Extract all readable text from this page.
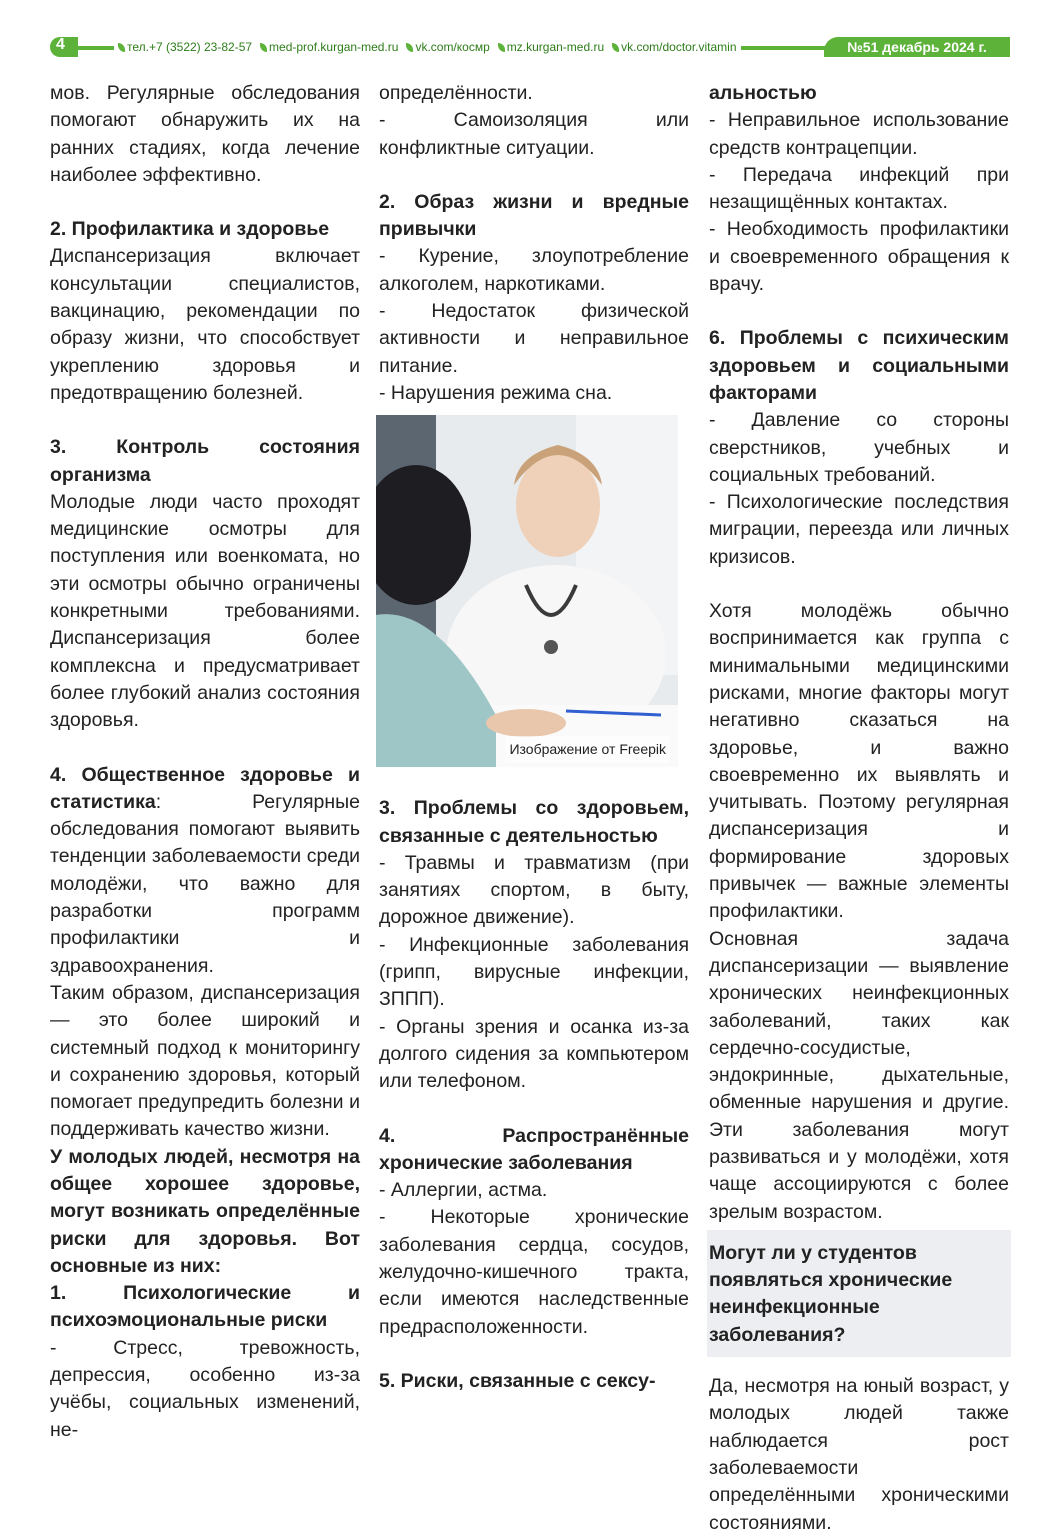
4	тел.+7 (3522) 23-82-57	med-prof.kurgan-med.ru	vk.com/космр	mz.kurgan-med.ru	vk.com/doctor.vitamin	№51 декабрь 2024 г.

мов. Регулярные обследования помогают обнаружить их на ранних стадиях, когда лечение наиболее эффективно.

2. Профилактика и здоровье

Диспансеризация включает консультации специалистов, вакцинацию, рекомендации по образу жизни, что способствует укреплению здоровья и предотвращению болезней.

3. Контроль состояния организма

Молодые люди часто проходят медицинские осмотры для поступления или военкомата, но эти осмотры обычно ограничены конкретными требованиями. Диспансеризация более комплексна и предусматривает более глубокий анализ состояния здоровья.

4. Общественное здоровье и статистика: Регулярные обследования помогают выявить тенденции заболеваемости среди молодёжи, что важно для разработки программ профилактики и здравоохранения.

Таким образом, диспансеризация — это более широкий и системный подход к мониторингу и сохранению здоровья, который помогает предупредить болезни и поддерживать качество жизни.

У молодых людей, несмотря на общее хорошее здоровье, могут возникать определённые риски для здоровья. Вот основные из них:

1. Психологические и психоэмоциональные риски

- Стресс, тревожность, депрессия, особенно из-за учёбы, социальных изменений, не-

определённости.

- Самоизоляция или конфликтные ситуации.

2. Образ жизни и вредные привычки

- Курение, злоупотребление алкоголем, наркотиками.

- Недостаток физической активности и неправильное питание.

- Нарушения режима сна.

Изображение от Freepik

3. Проблемы со здоровьем, связанные с деятельностью

- Травмы и травматизм (при занятиях спортом, в быту, дорожное движение).

- Инфекционные заболевания (грипп, вирусные инфекции, ЗППП).

- Органы зрения и осанка из-за долгого сидения за компьютером или телефоном.

4. Распространённые хронические заболевания

- Аллергии, астма.

- Некоторые хронические заболевания сердца, сосудов, желудочно-кишечного тракта, если имеются наследственные предрасположенности.

5. Риски, связанные с сексу-

альностью

- Неправильное использование средств контрацепции.

- Передача инфекций при незащищённых контактах.

- Необходимость профилактики и своевременного обращения к врачу.

6. Проблемы с психическим здоровьем и социальными факторами

- Давление со стороны сверстников, учебных и социальных требований.

- Психологические последствия миграции, переезда или личных кризисов.

Хотя молодёжь обычно воспринимается как группа с минимальными медицинскими рисками, многие факторы могут негативно сказаться на здоровье, и важно своевременно их выявлять и учитывать. Поэтому регулярная диспансеризация и формирование здоровых привычек — важные элементы профилактики.

Основная задача диспансеризации — выявление хронических неинфекционных заболеваний, таких как сердечно-сосудистые, эндокринные, дыхательные, обменные нарушения и другие. Эти заболевания могут развиваться и у молодёжи, хотя чаще ассоциируются с более зрелым возрастом.

Могут ли у студентов появляться хронические неинфекционные заболевания?

Да, несмотря на юный возраст, у молодых людей также наблюдается рост заболеваемости определёнными хроническими состояниями.
